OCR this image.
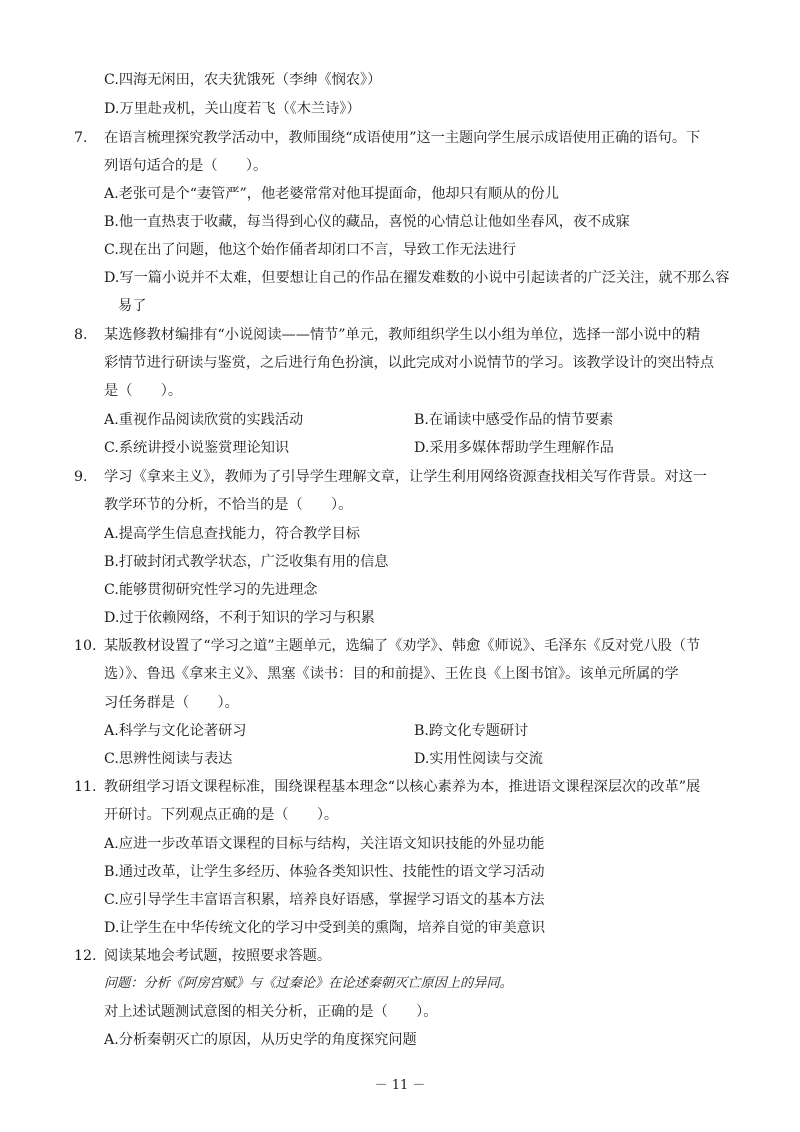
C.四海无闲田，农夫犹饿死（李绅《悯农》）
D.万里赴戎机，关山度若飞（《木兰诗》）
7. 在语言梳理探究教学活动中，教师围绕“成语使用”这一主题向学生展示成语使用正确的语句。下
列语句适合的是（　　）。
A.老张可是个“妻管严”，他老婆常常对他耳提面命，他却只有顺从的份儿
B.他一直热衷于收藏，每当得到心仪的藏品，喜悦的心情总让他如坐春风，夜不成寐
C.现在出了问题，他这个始作俑者却闭口不言，导致工作无法进行
D.写一篇小说并不太难，但要想让自己的作品在擢发难数的小说中引起读者的广泛关注，就不那么容
易了
8. 某选修教材编排有“小说阅读——情节”单元，教师组织学生以小组为单位，选择一部小说中的精
彩情节进行研读与鉴赏，之后进行角色扮演，以此完成对小说情节的学习。该教学设计的突出特点
是（　　）。
A.重视作品阅读欣赏的实践活动	B.在诵读中感受作品的情节要素
C.系统讲授小说鉴赏理论知识	D.采用多媒体帮助学生理解作品
9. 学习《拿来主义》，教师为了引导学生理解文章，让学生利用网络资源查找相关写作背景。对这一
教学环节的分析，不恰当的是（　　）。
A.提高学生信息查找能力，符合教学目标
B.打破封闭式教学状态，广泛收集有用的信息
C.能够贯彻研究性学习的先进理念
D.过于依赖网络，不利于知识的学习与积累
10. 某版教材设置了“学习之道”主题单元，选编了《劝学》、韩愈《师说》、毛泽东《反对党八股（节
选）》、鲁迅《拿来主义》、黑塞《读书：目的和前提》、王佐良《上图书馆》。该单元所属的学
习任务群是（　　）。
A.科学与文化论著研习	B.跨文化专题研讨
C.思辨性阅读与表达	D.实用性阅读与交流
11. 教研组学习语文课程标准，围绕课程基本理念“以核心素养为本，推进语文课程深层次的改革”展
开研讨。下列观点正确的是（　　）。
A.应进一步改革语文课程的目标与结构，关注语文知识技能的外显功能
B.通过改革，让学生多经历、体验各类知识性、技能性的语文学习活动
C.应引导学生丰富语言积累，培养良好语感，掌握学习语文的基本方法
D.让学生在中华传统文化的学习中受到美的熏陶，培养自觉的审美意识
12. 阅读某地会考试题，按照要求答题。
问题：分析《阿房宫赋》与《过秦论》在论述秦朝灭亡原因上的异同。
对上述试题测试意图的相关分析，正确的是（　　）。
A.分析秦朝灭亡的原因，从历史学的角度探究问题
－ 11 －
